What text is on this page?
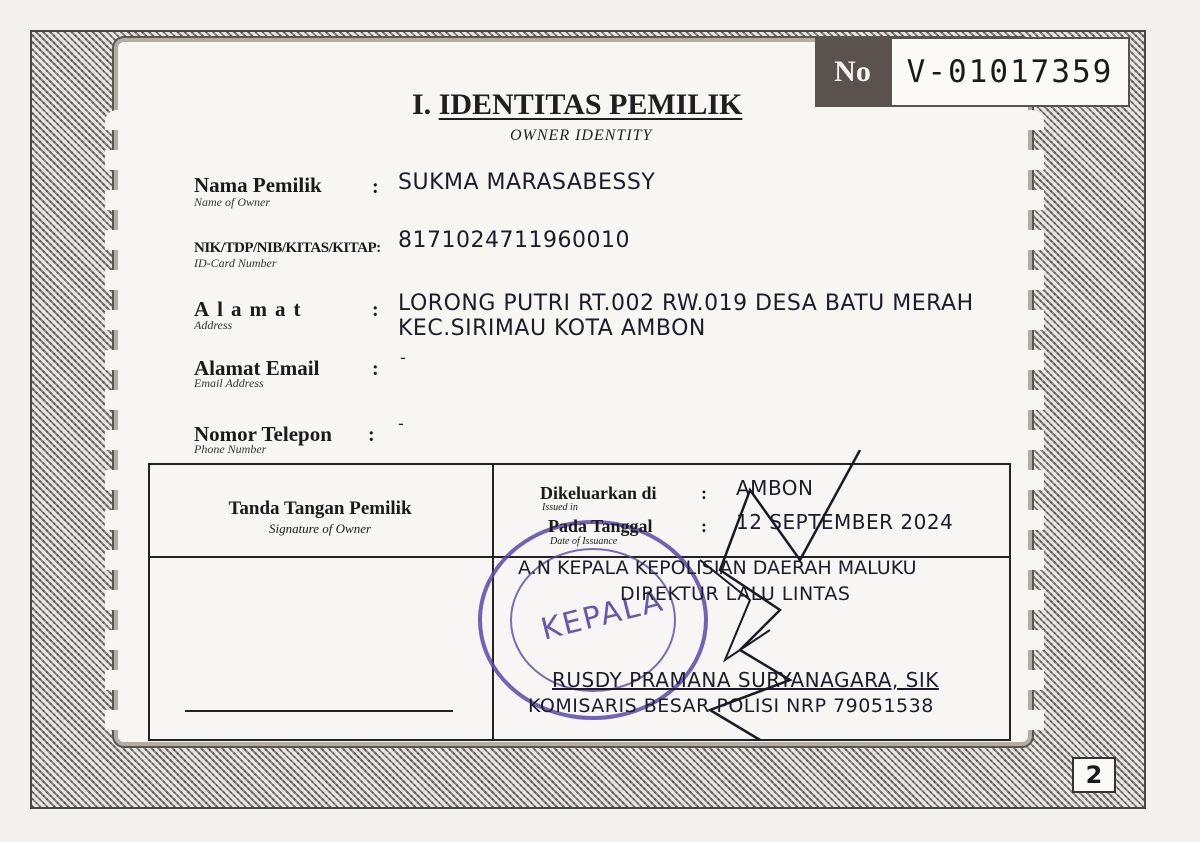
No	V-01017359
I. IDENTITAS PEMILIK
OWNER IDENTITY
Nama Pemilik
Name of Owner
: SUKMA MARASABESSY
NIK/TDP/NIB/KITAS/KITAP:
ID-Card Number
8171024711960010
Alamat
Address
: LORONG PUTRI RT.002 RW.019 DESA BATU MERAH
KEC.SIRIMAU KOTA AMBON
Alamat Email
Email Address
:
-
Nomor Telepon
Phone Number
:
-
Tanda Tangan Pemilik
Signature of Owner
KEPALA
Dikeluarkan di
Issued in
: AMBON
Pada Tanggal
Date of Issuance
: 12 SEPTEMBER 2024
A.N KEPALA KEPOLISIAN DAERAH MALUKU
DIREKTUR LALU LINTAS
RUSDY PRAMANA SURYANAGARA, SIK
KOMISARIS BESAR POLISI NRP 79051538
2
